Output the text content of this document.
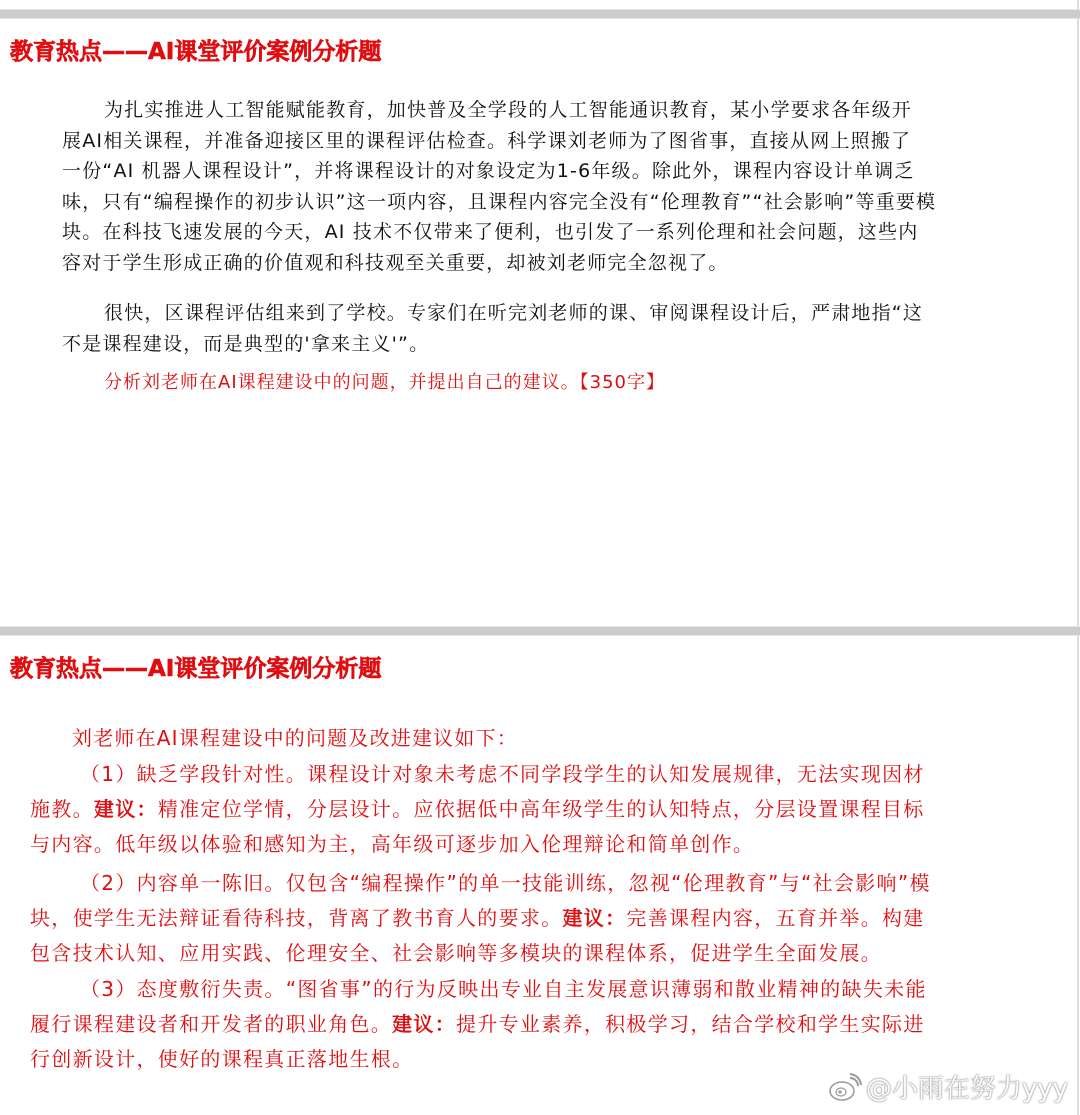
教育热点——AI课堂评价案例分析题
为扎实推进人工智能赋能教育，加快普及全学段的人工智能通识教育，某小学要求各年级开
展AI相关课程，并准备迎接区里的课程评估检查。科学课刘老师为了图省事，直接从网上照搬了
一份“AI 机器人课程设计”，并将课程设计的对象设定为1-6年级。除此外，课程内容设计单调乏
味，只有“编程操作的初步认识”这一项内容，且课程内容完全没有“伦理教育”“社会影响”等重要模
块。在科技飞速发展的今天，AI 技术不仅带来了便利，也引发了一系列伦理和社会问题，这些内
容对于学生形成正确的价值观和科技观至关重要，却被刘老师完全忽视了。
很快，区课程评估组来到了学校。专家们在听完刘老师的课、审阅课程设计后，严肃地指“这
不是课程建设，而是典型的'拿来主义'”。
分析刘老师在AI课程建设中的问题，并提出自己的建议。【350字】
教育热点——AI课堂评价案例分析题
刘老师在AI课程建设中的问题及改进建议如下：
（1）缺乏学段针对性。课程设计对象未考虑不同学段学生的认知发展规律，无法实现因材
施教。建议：精准定位学情，分层设计。应依据低中高年级学生的认知特点，分层设置课程目标
与内容。低年级以体验和感知为主，高年级可逐步加入伦理辩论和简单创作。
（2）内容单一陈旧。仅包含“编程操作”的单一技能训练，忽视“伦理教育”与“社会影响”模
块，使学生无法辩证看待科技，背离了教书育人的要求。建议：完善课程内容，五育并举。构建
包含技术认知、应用实践、伦理安全、社会影响等多模块的课程体系，促进学生全面发展。
（3）态度敷衍失责。“图省事”的行为反映出专业自主发展意识薄弱和散业精神的缺失未能
履行课程建设者和开发者的职业角色。建议：提升专业素养，积极学习，结合学校和学生实际进
行创新设计，使好的课程真正落地生根。
@小雨在努力yyy
